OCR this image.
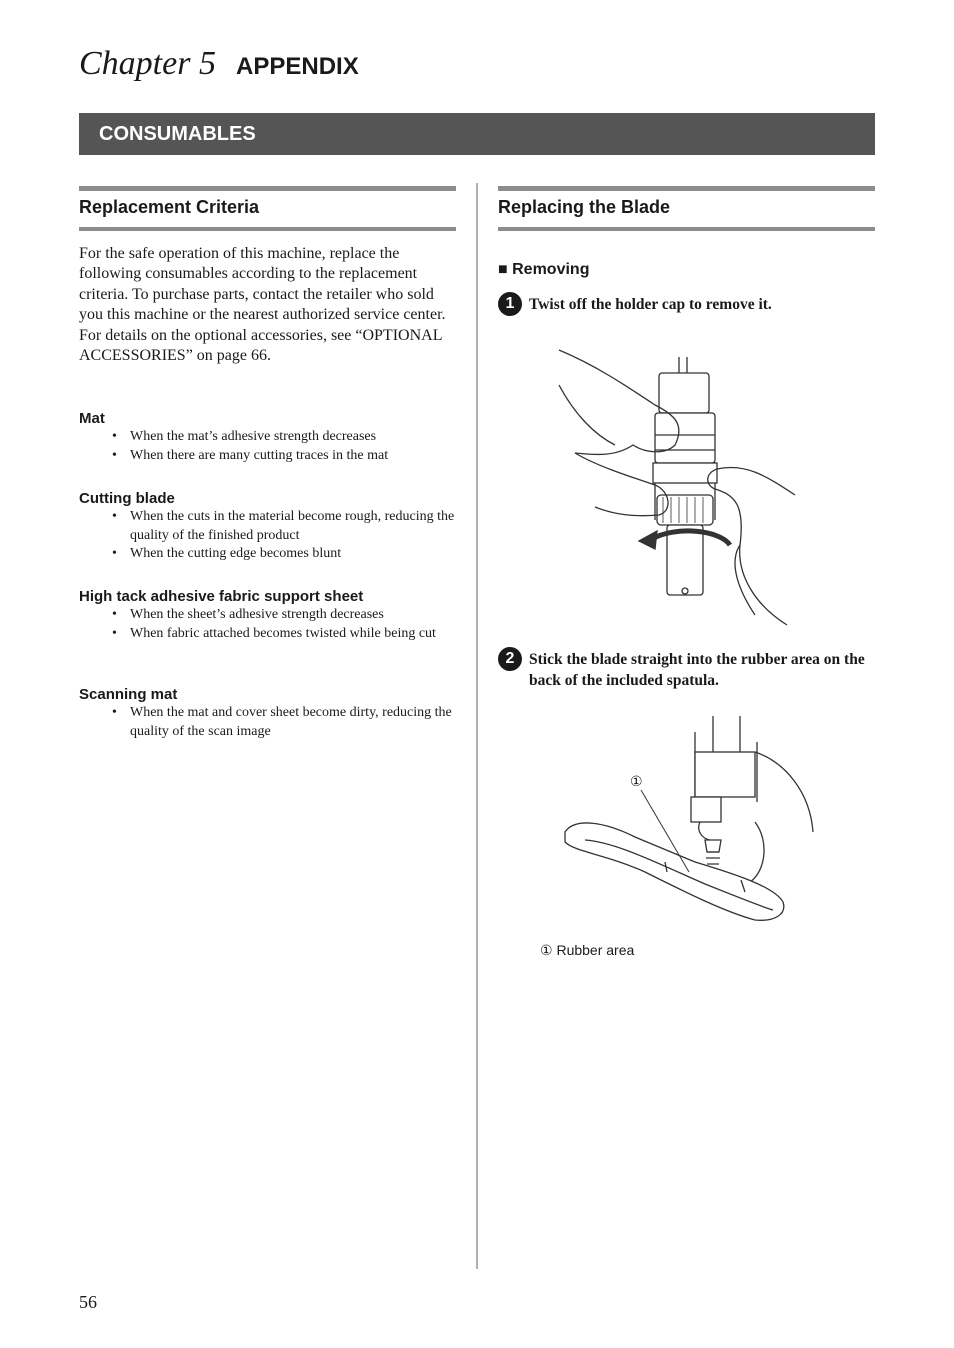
Chapter 5 APPENDIX
CONSUMABLES
Replacement Criteria
For the safe operation of this machine, replace the following consumables according to the replacement criteria. To purchase parts, contact the retailer who sold you this machine or the nearest authorized service center. For details on the optional accessories, see “OPTIONAL ACCESSORIES” on page 66.
Mat
• When the mat’s adhesive strength decreases
• When there are many cutting traces in the mat
Cutting blade
• When the cuts in the material become rough, reducing the quality of the finished product
• When the cutting edge becomes blunt
High tack adhesive fabric support sheet
• When the sheet’s adhesive strength decreases
• When fabric attached becomes twisted while being cut
Scanning mat
• When the mat and cover sheet become dirty, reducing the quality of the scan image
Replacing the Blade
■ Removing
1 Twist off the holder cap to remove it.
2 Stick the blade straight into the rubber area on the back of the included spatula.
①
① Rubber area
56
